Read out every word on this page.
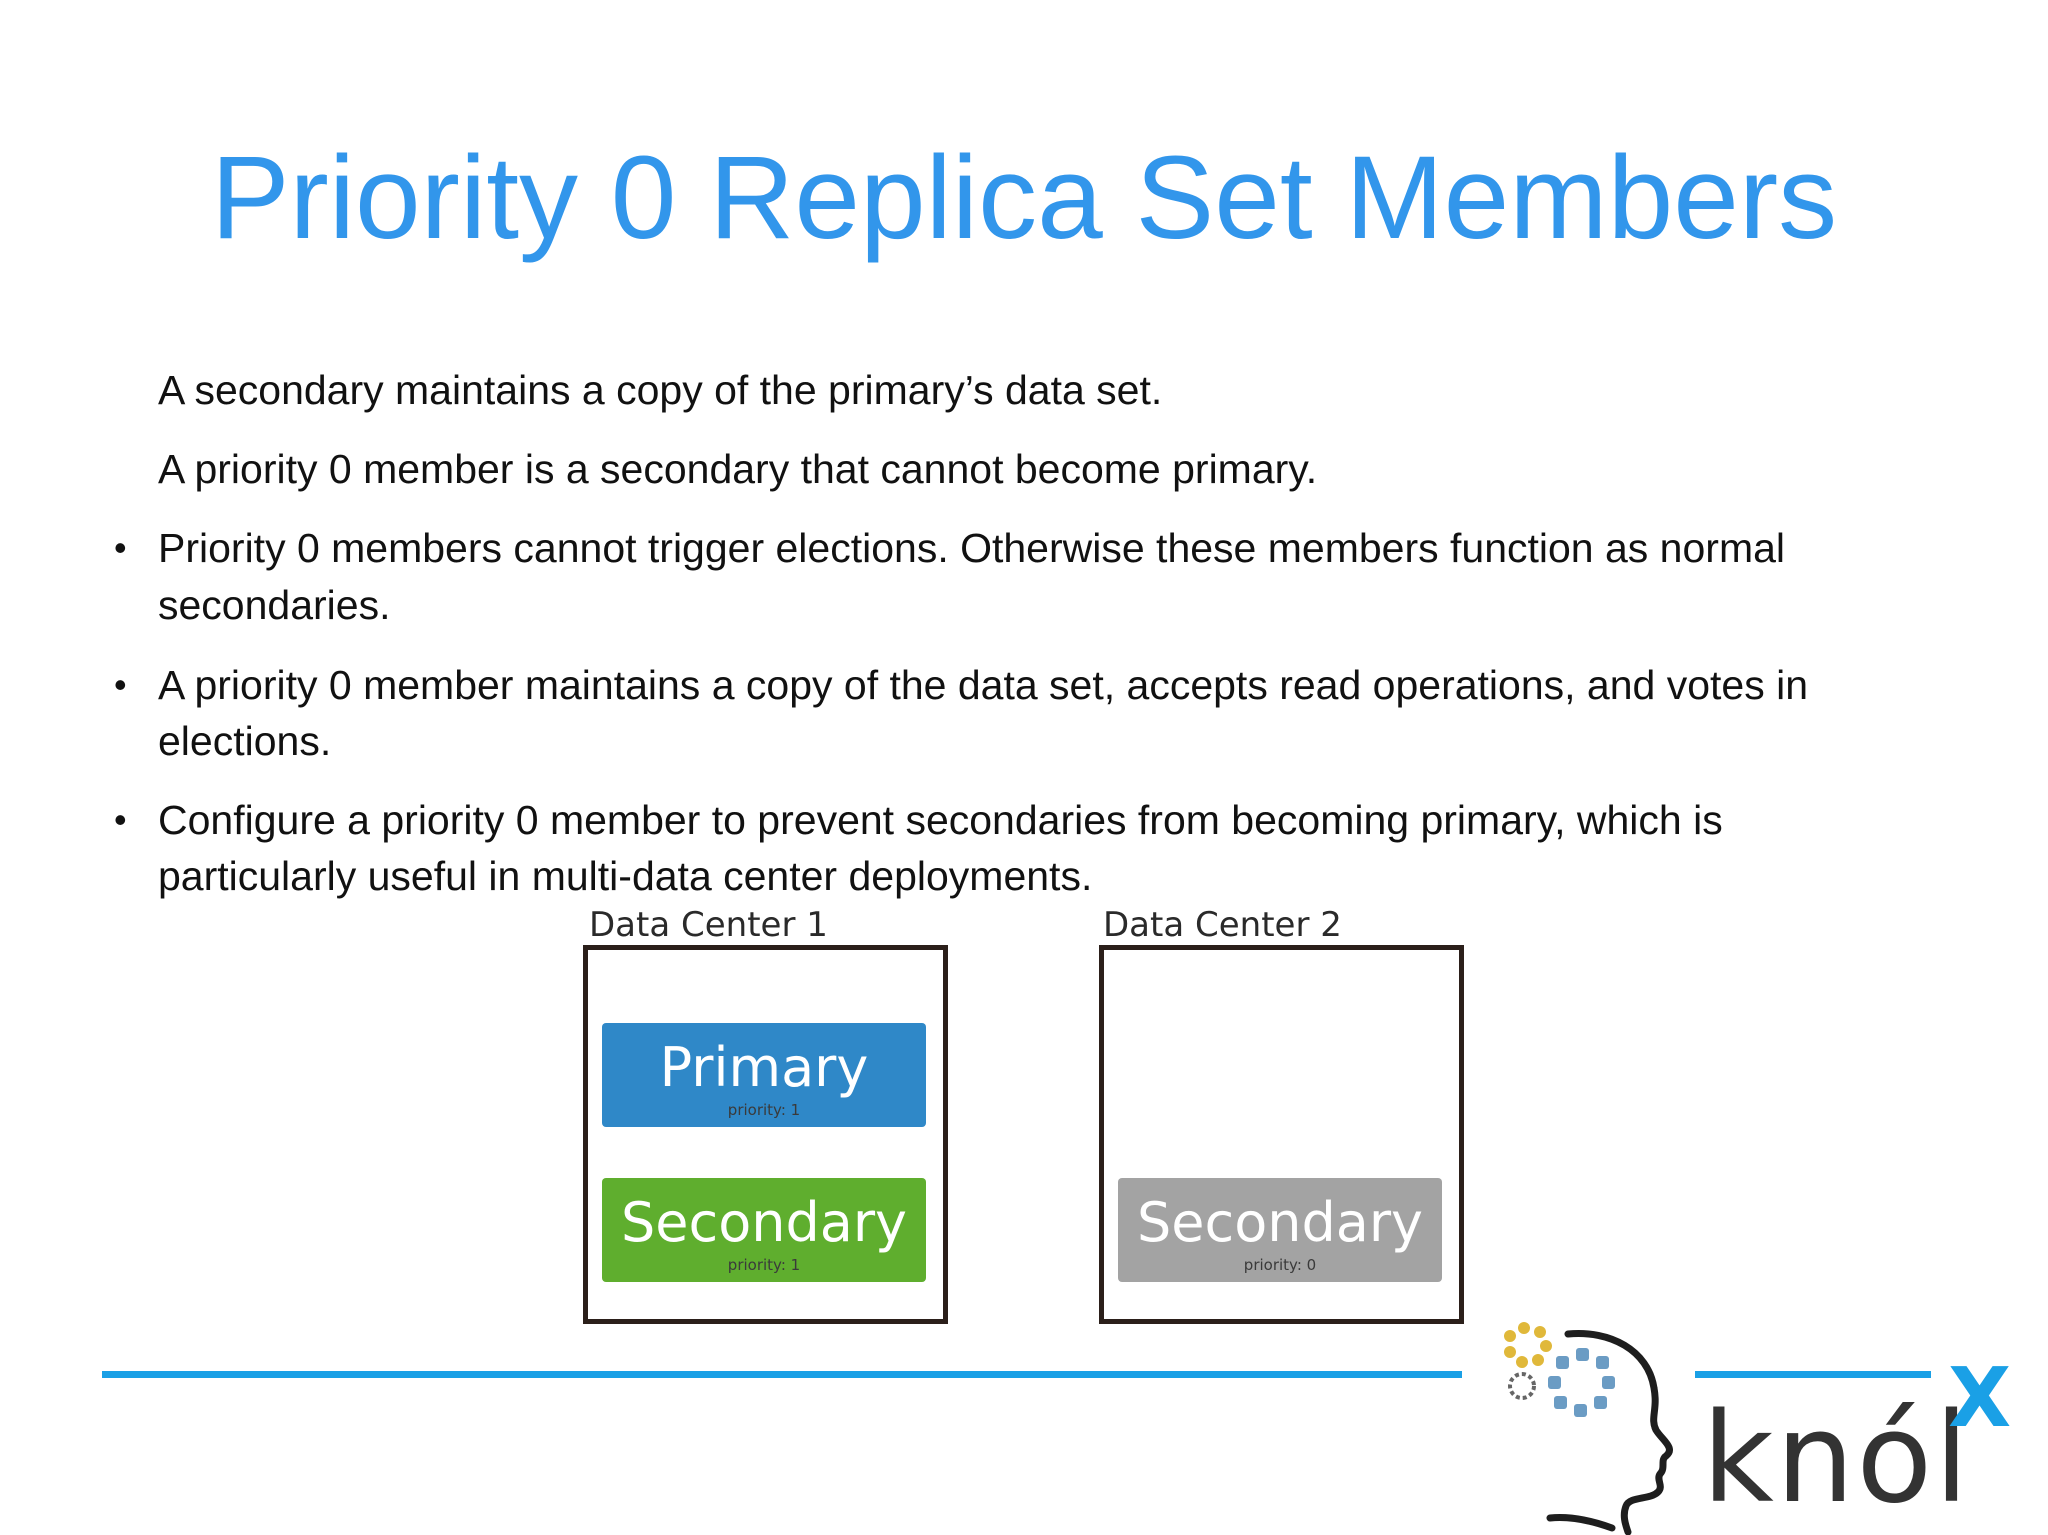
Priority 0 Replica Set Members
A secondary maintains a copy of the primary’s data set.
A priority 0 member is a secondary that cannot become primary.
• Priority 0 members cannot trigger elections. Otherwise these members function as normal
secondaries.
• A priority 0 member maintains a copy of the data set, accepts read operations, and votes in
elections.
• Configure a priority 0 member to prevent secondaries from becoming primary, which is
particularly useful in multi-data center deployments.
Data Center 1
Primary
priority: 1
Secondary
priority: 1
Data Center 2
Secondary
priority: 0
knól
X
